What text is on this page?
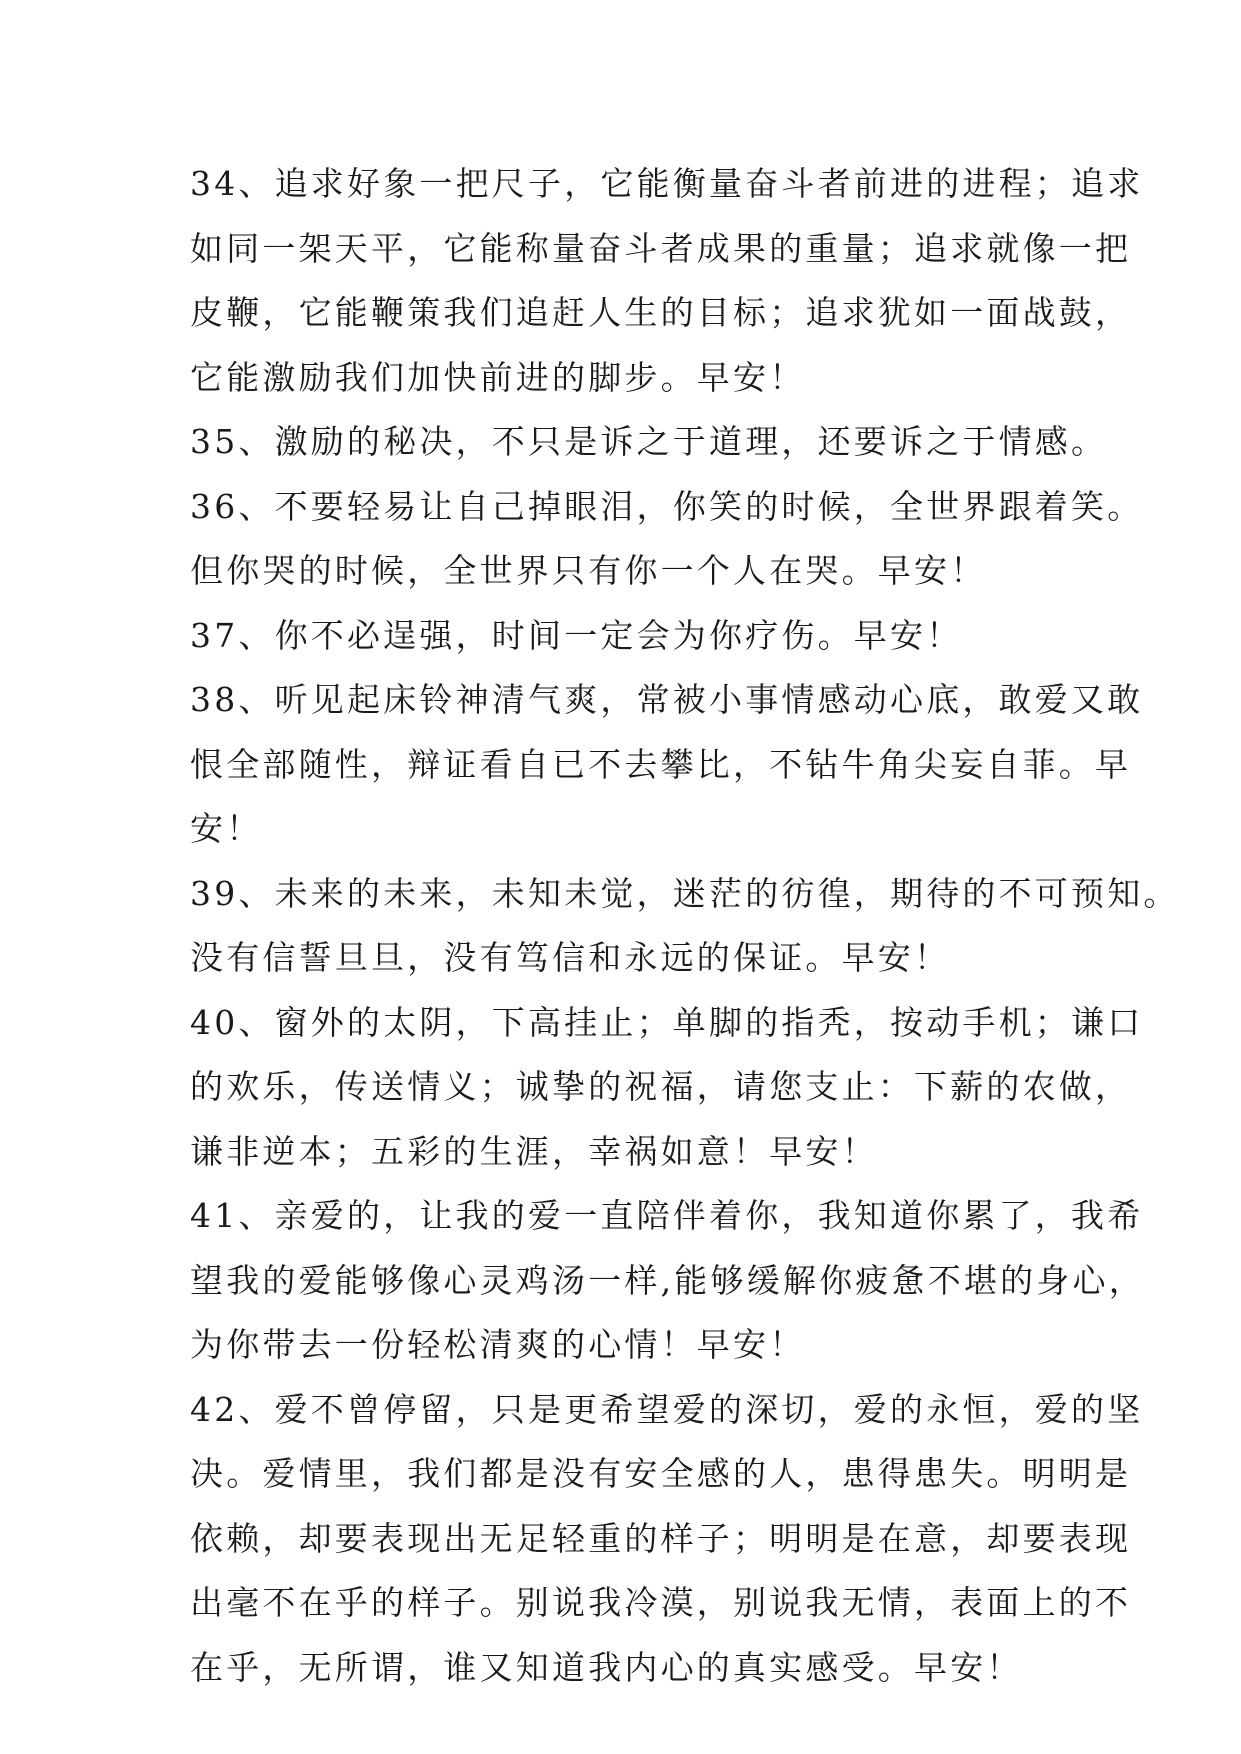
34、追求好象一把尺子，它能衡量奋斗者前进的进程；追求
如同一架天平，它能称量奋斗者成果的重量；追求就像一把
皮鞭，它能鞭策我们追赶人生的目标；追求犹如一面战鼓，
它能激励我们加快前进的脚步。早安！
35、激励的秘决，不只是诉之于道理，还要诉之于情感。
36、不要轻易让自己掉眼泪，你笑的时候，全世界跟着笑。
但你哭的时候，全世界只有你一个人在哭。早安！
37、你不必逞强，时间一定会为你疗伤。早安！
38、听见起床铃神清气爽，常被小事情感动心底，敢爱又敢
恨全部随性，辩证看自已不去攀比，不钻牛角尖妄自菲。早
安！
39、未来的未来，未知未觉，迷茫的彷徨，期待的不可预知。
没有信誓旦旦，没有笃信和永远的保证。早安！
40、窗外的太阴，下高挂止；单脚的指秃，按动手机；谦口
的欢乐，传送情义；诚挚的祝福，请您支止：下薪的农做，
谦非逆本；五彩的生涯，幸祸如意！早安！
41、亲爱的，让我的爱一直陪伴着你，我知道你累了，我希
望我的爱能够像心灵鸡汤一样,能够缓解你疲惫不堪的身心，
为你带去一份轻松清爽的心情！早安！
42、爱不曾停留，只是更希望爱的深切，爱的永恒，爱的坚
决。爱情里，我们都是没有安全感的人，患得患失。明明是
依赖，却要表现出无足轻重的样子；明明是在意，却要表现
出毫不在乎的样子。别说我冷漠，别说我无情，表面上的不
在乎，无所谓，谁又知道我内心的真实感受。早安！
